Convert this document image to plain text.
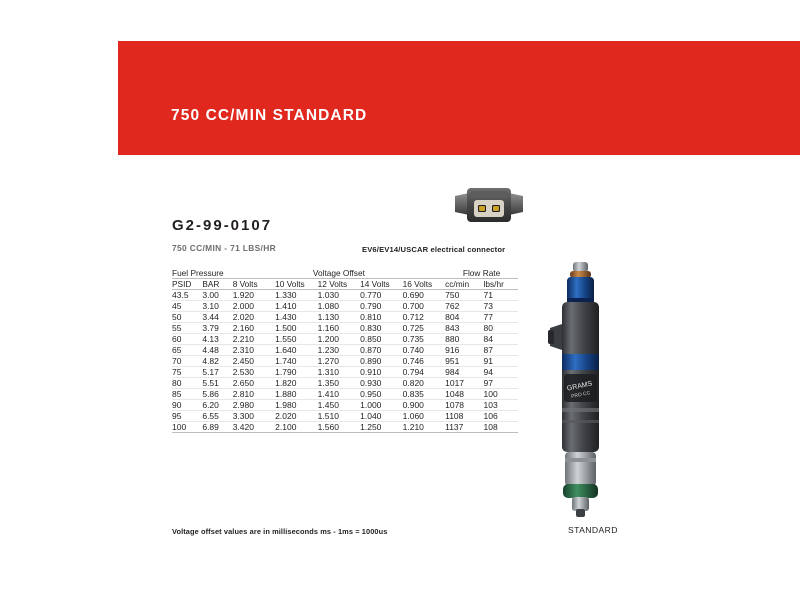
750 CC/MIN STANDARD
G2-99-0107
750 CC/MIN - 71 LBS/HR	EV6/EV14/USCAR electrical connector
Fuel Pressure		Voltage Offset					Flow Rate	
PSID	BAR	8 Volts	10 Volts	12 Volts	14 Volts	16 Volts	cc/min	lbs/hr
43.5	3.00	1.920	1.330	1.030	0.770	0.690	750	71
45	3.10	2.000	1.410	1.080	0.790	0.700	762	73
50	3.44	2.020	1.430	1.130	0.810	0.712	804	77
55	3.79	2.160	1.500	1.160	0.830	0.725	843	80
60	4.13	2.210	1.550	1.200	0.850	0.735	880	84
65	4.48	2.310	1.640	1.230	0.870	0.740	916	87
70	4.82	2.450	1.740	1.270	0.890	0.746	951	91
75	5.17	2.530	1.790	1.310	0.910	0.794	984	94
80	5.51	2.650	1.820	1.350	0.930	0.820	1017	97
85	5.86	2.810	1.880	1.410	0.950	0.835	1048	100
90	6.20	2.980	1.980	1.450	1.000	0.900	1078	103
95	6.55	3.300	2.020	1.510	1.040	1.060	1108	106
100	6.89	3.420	2.100	1.560	1.250	1.210	1137	108
Voltage offset values are in milliseconds ms - 1ms = 1000us
GRAMS
PRO CC
STANDARD
